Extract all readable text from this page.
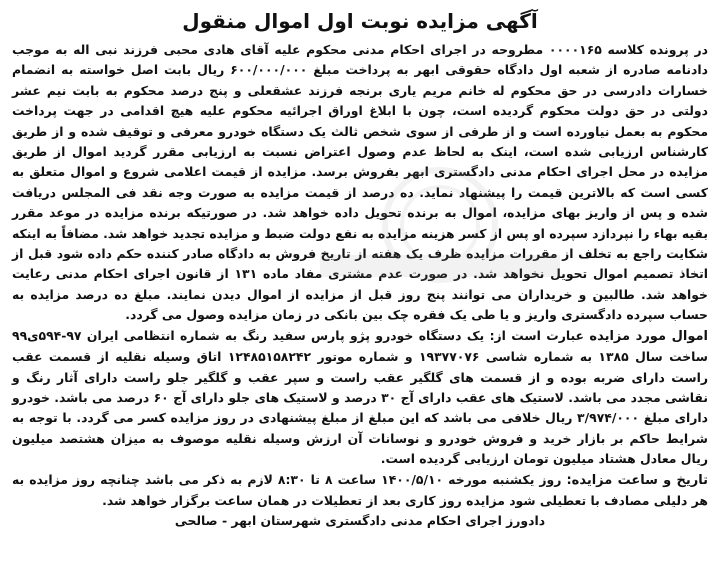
آگهی مزایده نوبت اول اموال منقول

در پرونده کلاسه ۰۰۰۰۱۶۵ مطروحه در اجرای احکام مدنی محکوم علیه آقای هادی محبی فرزند نبی اله به موجب دادنامه صادره از شعبه اول دادگاه حقوقی ابهر به پرداخت مبلغ ۶۰۰/۰۰۰/۰۰۰ ریال بابت اصل خواسته به انضمام خسارات دادرسی در حق محکوم له خانم مریم یاری برنجه فرزند عشقعلی و پنج درصد محکوم به بابت نیم عشر دولتی در حق دولت محکوم گردیده است، چون با ابلاغ اوراق اجرائیه محکوم علیه هیچ اقدامی در جهت پرداخت محکوم به بعمل نیاورده است و از طرفی از سوی شخص ثالث یک دستگاه خودرو معرفی و توقیف شده و از طریق کارشناس ارزیابی شده است، اینک به لحاظ عدم وصول اعتراض نسبت به ارزیابی مقرر گردید اموال از طریق مزایده در محل اجرای احکام مدنی دادگستری ابهر بفروش برسد. مزایده از قیمت اعلامی شروع و اموال متعلق به کسی است که بالاترین قیمت را پیشنهاد نماید. ده درصد از قیمت مزایده به صورت وجه نقد فی المجلس دریافت شده و پس از واریز بهای مزایده، اموال به برنده تحویل داده خواهد شد. در صورتیکه برنده مزایده در موعد مقرر بقیه بهاء را نپردازد سپرده او پس از کسر هزینه مزایده به نفع دولت ضبط و مزایده تجدید خواهد شد. مضافاً به اینکه شکایت راجع به تخلف از مقررات مزایده ظرف یک هفته از تاریخ فروش به دادگاه صادر کننده حکم داده شود قبل از اتخاذ تصمیم اموال تحویل نخواهد شد. در صورت عدم مشتری مفاد ماده ۱۳۱ از قانون اجرای احکام مدنی رعایت خواهد شد. طالبین و خریداران می توانند پنج روز قبل از مزایده از اموال دیدن نمایند. مبلغ ده درصد مزایده به حساب سپرده دادگستری واریز و یا طی یک فقره چک بین بانکی در زمان مزایده وصول می گردد.

اموال مورد مزایده عبارت است از: یک دستگاه خودرو پژو پارس سفید رنگ به شماره انتظامی ایران ۹۷-۵۹۴ی۹۹ ساخت سال ۱۳۸۵ به شماره شاسی ۱۹۳۷۷۰۷۶ و شماره موتور ۱۲۴۸۵۱۵۸۲۴۲ اتاق وسیله نقلیه از قسمت عقب راست دارای ضربه بوده و از قسمت های گلگیر عقب راست و سپر عقب و گلگیر جلو راست دارای آثار رنگ و نقاشی مجدد می باشد. لاستیک های عقب دارای آج ۳۰ درصد و لاستیک های جلو دارای آج ۶۰ درصد می باشد. خودرو دارای مبلغ ۳/۹۷۴/۰۰۰ ریال خلافی می باشد که این مبلغ از مبلغ پیشنهادی در روز مزایده کسر می گردد. با توجه به شرایط حاکم بر بازار خرید و فروش خودرو و نوسانات آن ارزش وسیله نقلیه موصوف به میزان هشتصد میلیون ریال معادل هشتاد میلیون تومان ارزیابی گردیده است.

تاریخ و ساعت مزایده: روز یکشنبه مورخه ۱۴۰۰/۵/۱۰ ساعت ۸ تا ۸:۳۰ لازم به ذکر می باشد چنانچه روز مزایده به هر دلیلی مصادف با تعطیلی شود مزایده روز کاری بعد از تعطیلات در همان ساعت برگزار خواهد شد.

دادورز اجرای احکام مدنی دادگستری شهرستان ابهر - صالحی
